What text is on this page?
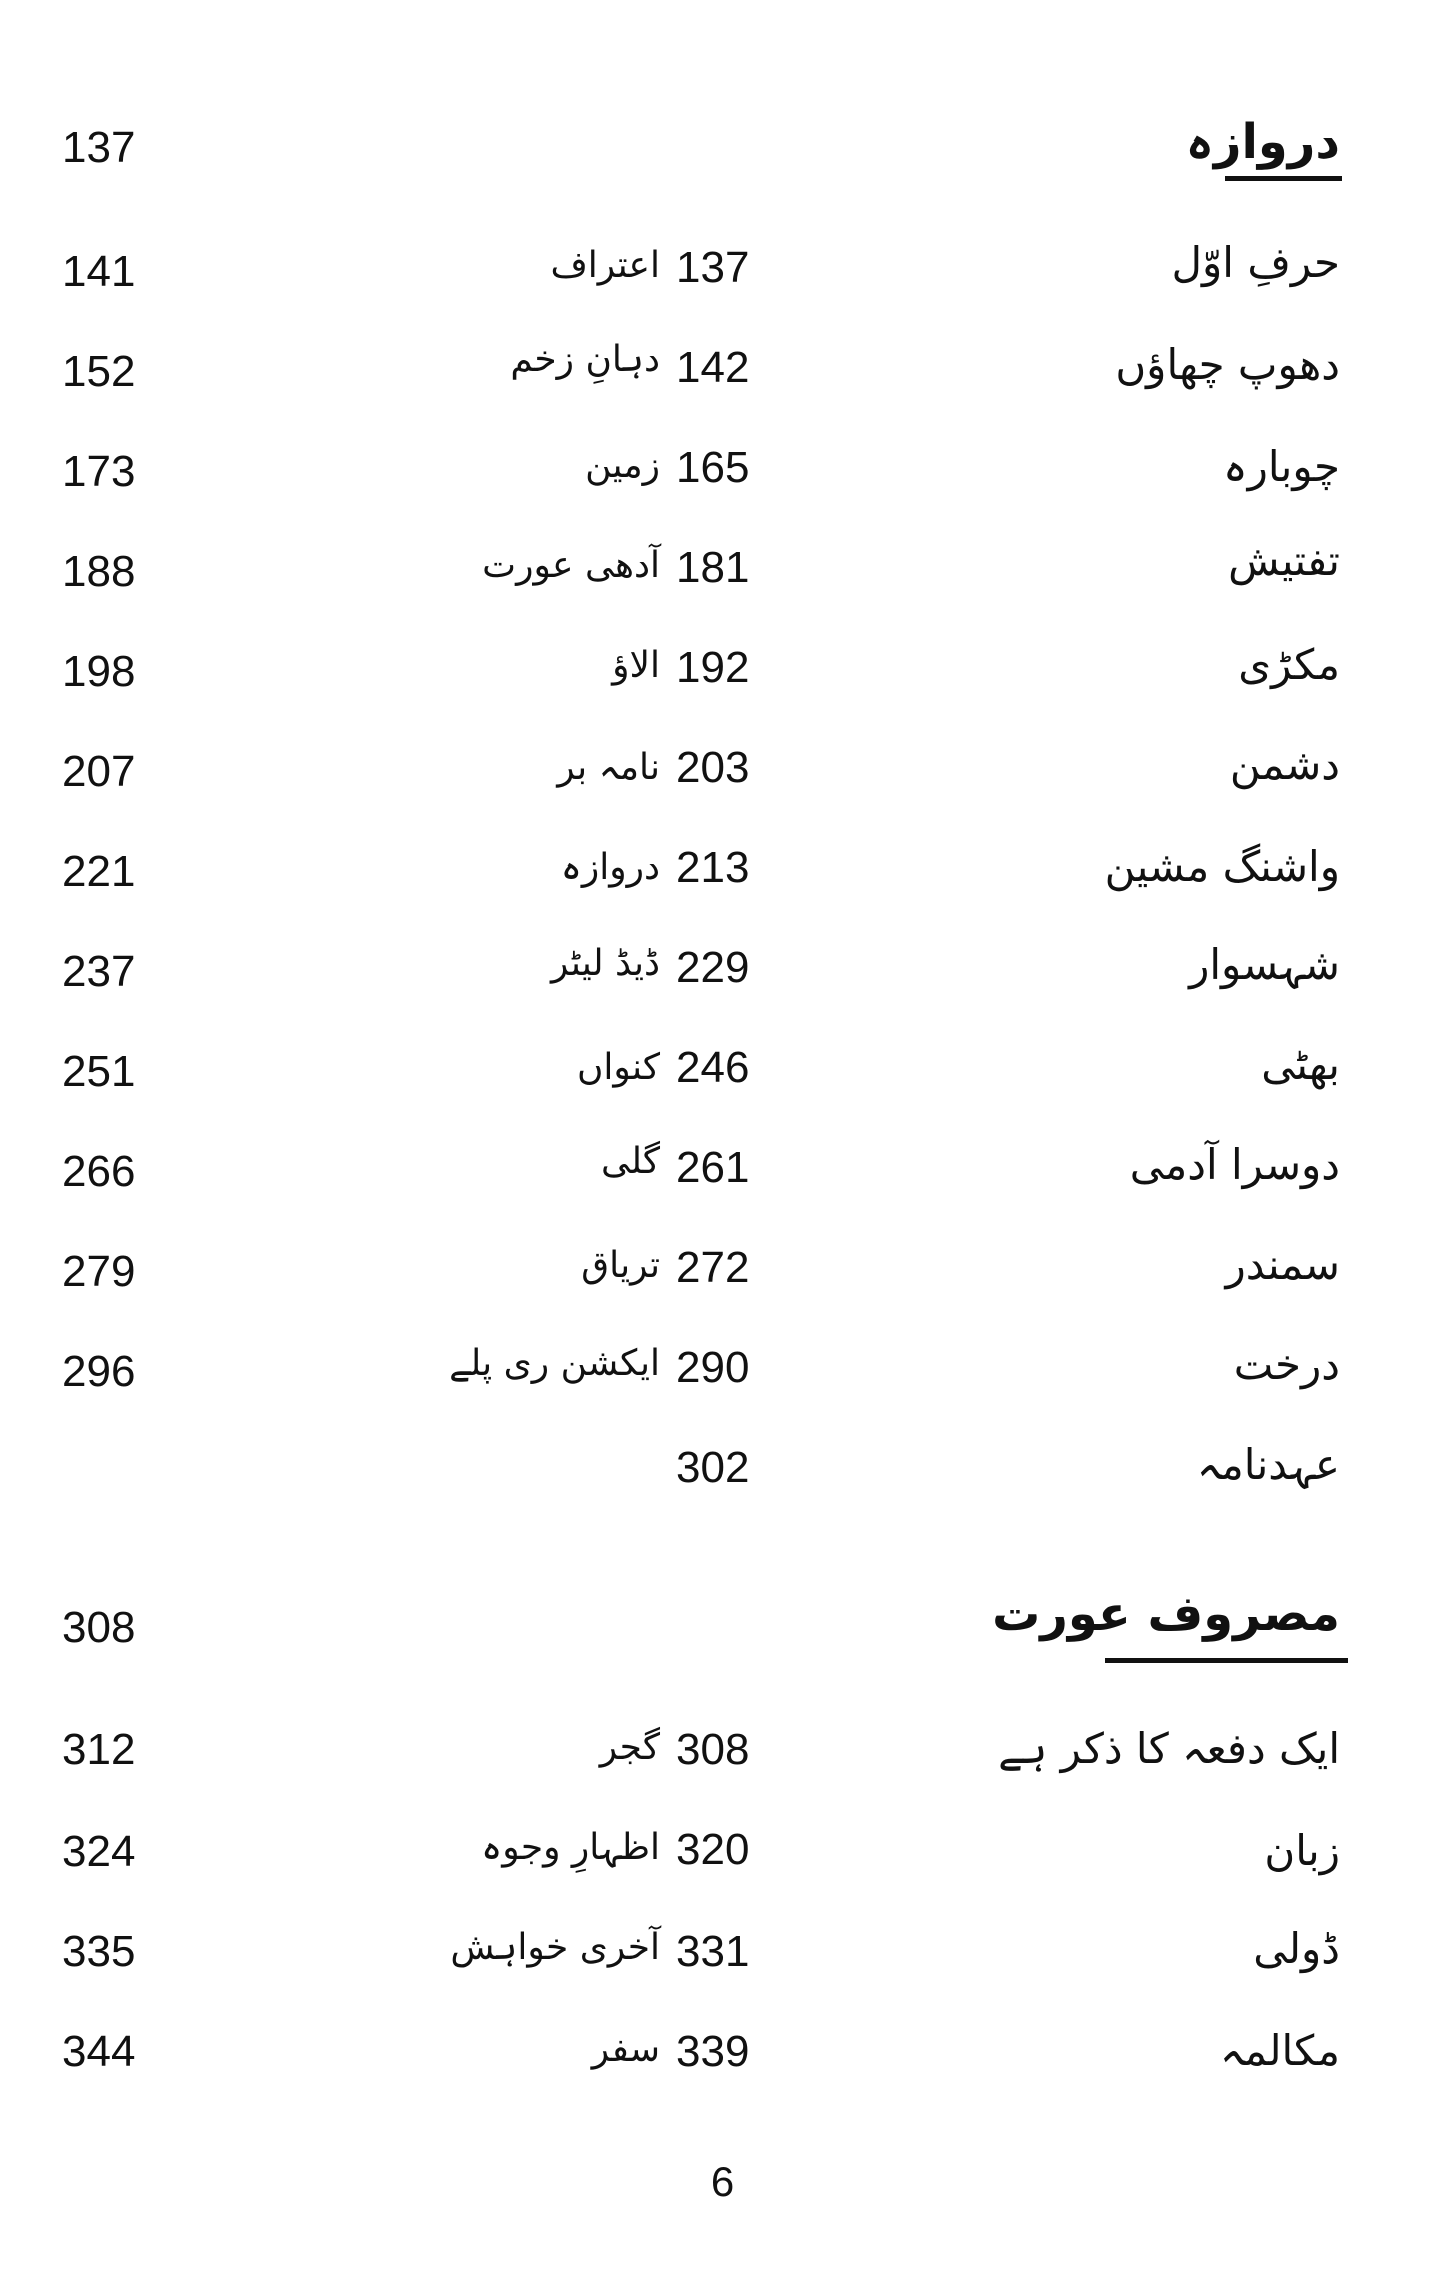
دروازہ
137
حرفِ اوّل
137
اعتراف
141
دھوپ چھاؤں
142
دہانِ زخم
152
چوبارہ
165
زمین
173
تفتیش
181
آدھی عورت
188
مکڑی
192
الاؤ
198
دشمن
203
نامہ بر
207
واشنگ مشین
213
دروازہ
221
شہسوار
229
ڈیڈ لیٹر
237
بھٹی
246
کنواں
251
دوسرا آدمی
261
گلی
266
سمندر
272
تریاق
279
درخت
290
ایکشن ری پلے
296
عہدنامہ
302
مصروف عورت
308
ایک دفعہ کا ذکر ہے
308
گجر
312
زبان
320
اظہارِ وجوہ
324
ڈولی
331
آخری خواہش
335
مکالمہ
339
سفر
344
6
